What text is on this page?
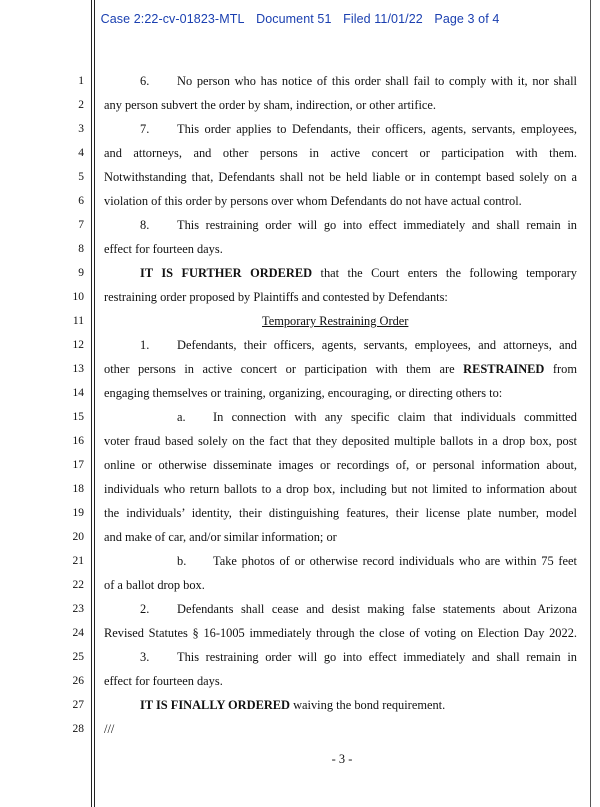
Case 2:22-cv-01823-MTL Document 51 Filed 11/01/22 Page 3 of 4
1
2
3
4
5
6
7
8
9
10
11
12
13
14
15
16
17
18
19
20
21
22
23
24
25
26
27
28
6. No person who has notice of this order shall fail to comply with it, nor shall
any person subvert the order by sham, indirection, or other artifice.
7. This order applies to Defendants, their officers, agents, servants, employees,
and attorneys, and other persons in active concert or participation with them.
Notwithstanding that, Defendants shall not be held liable or in contempt based solely on a
violation of this order by persons over whom Defendants do not have actual control.
8. This restraining order will go into effect immediately and shall remain in
effect for fourteen days.
IT IS FURTHER ORDERED that the Court enters the following temporary
restraining order proposed by Plaintiffs and contested by Defendants:
Temporary Restraining Order
1. Defendants, their officers, agents, servants, employees, and attorneys, and
other persons in active concert or participation with them are RESTRAINED from
engaging themselves or training, organizing, encouraging, or directing others to:
a. In connection with any specific claim that individuals committed
voter fraud based solely on the fact that they deposited multiple ballots in a drop box, post
online or otherwise disseminate images or recordings of, or personal information about,
individuals who return ballots to a drop box, including but not limited to information about
the individuals’ identity, their distinguishing features, their license plate number, model
and make of car, and/or similar information; or
b. Take photos of or otherwise record individuals who are within 75 feet
of a ballot drop box.
2. Defendants shall cease and desist making false statements about Arizona
Revised Statutes § 16-1005 immediately through the close of voting on Election Day 2022.
3. This restraining order will go into effect immediately and shall remain in
effect for fourteen days.
IT IS FINALLY ORDERED waiving the bond requirement.
///
- 3 -
